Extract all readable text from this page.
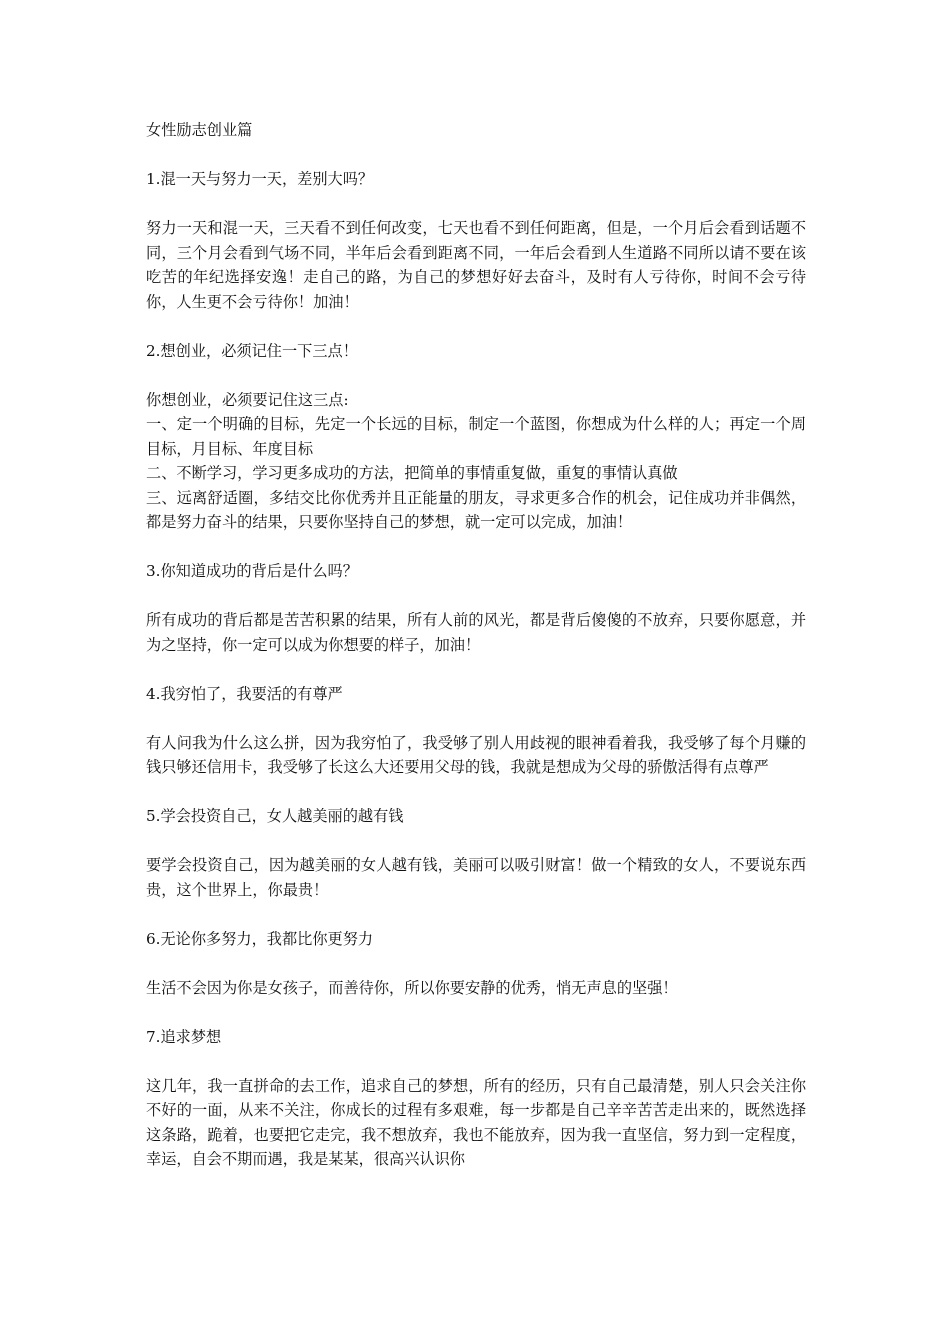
女性励志创业篇

1.混一天与努力一天，差别大吗？

努力一天和混一天，三天看不到任何改变，七天也看不到任何距离，但是，一个月后会看到话题不同，三个月会看到气场不同，半年后会看到距离不同，一年后会看到人生道路不同所以请不要在该吃苦的年纪选择安逸！走自己的路，为自己的梦想好好去奋斗，及时有人亏待你，时间不会亏待你，人生更不会亏待你！加油！

2.想创业，必须记住一下三点！

你想创业，必须要记住这三点:
一、定一个明确的目标，先定一个长远的目标，制定一个蓝图，你想成为什么样的人；再定一个周目标，月目标、年度目标
二、不断学习，学习更多成功的方法，把简单的事情重复做，重复的事情认真做
三、远离舒适圈，多结交比你优秀并且正能量的朋友，寻求更多合作的机会，记住成功并非偶然，都是努力奋斗的结果，只要你坚持自己的梦想，就一定可以完成，加油！

3.你知道成功的背后是什么吗？

所有成功的背后都是苦苦积累的结果，所有人前的风光，都是背后傻傻的不放弃，只要你愿意，并为之坚持，你一定可以成为你想要的样子，加油！

4.我穷怕了，我要活的有尊严

有人问我为什么这么拼，因为我穷怕了，我受够了别人用歧视的眼神看着我，我受够了每个月赚的钱只够还信用卡，我受够了长这么大还要用父母的钱，我就是想成为父母的骄傲活得有点尊严

5.学会投资自己，女人越美丽的越有钱

要学会投资自己，因为越美丽的女人越有钱，美丽可以吸引财富！做一个精致的女人，不要说东西贵，这个世界上，你最贵！

6.无论你多努力，我都比你更努力

生活不会因为你是女孩子，而善待你，所以你要安静的优秀，悄无声息的坚强！

7.追求梦想

这几年，我一直拼命的去工作，追求自己的梦想，所有的经历，只有自己最清楚，别人只会关注你不好的一面，从来不关注，你成长的过程有多艰难，每一步都是自己辛辛苦苦走出来的，既然选择这条路，跪着，也要把它走完，我不想放弃，我也不能放弃，因为我一直坚信，努力到一定程度，幸运，自会不期而遇，我是某某，很高兴认识你
